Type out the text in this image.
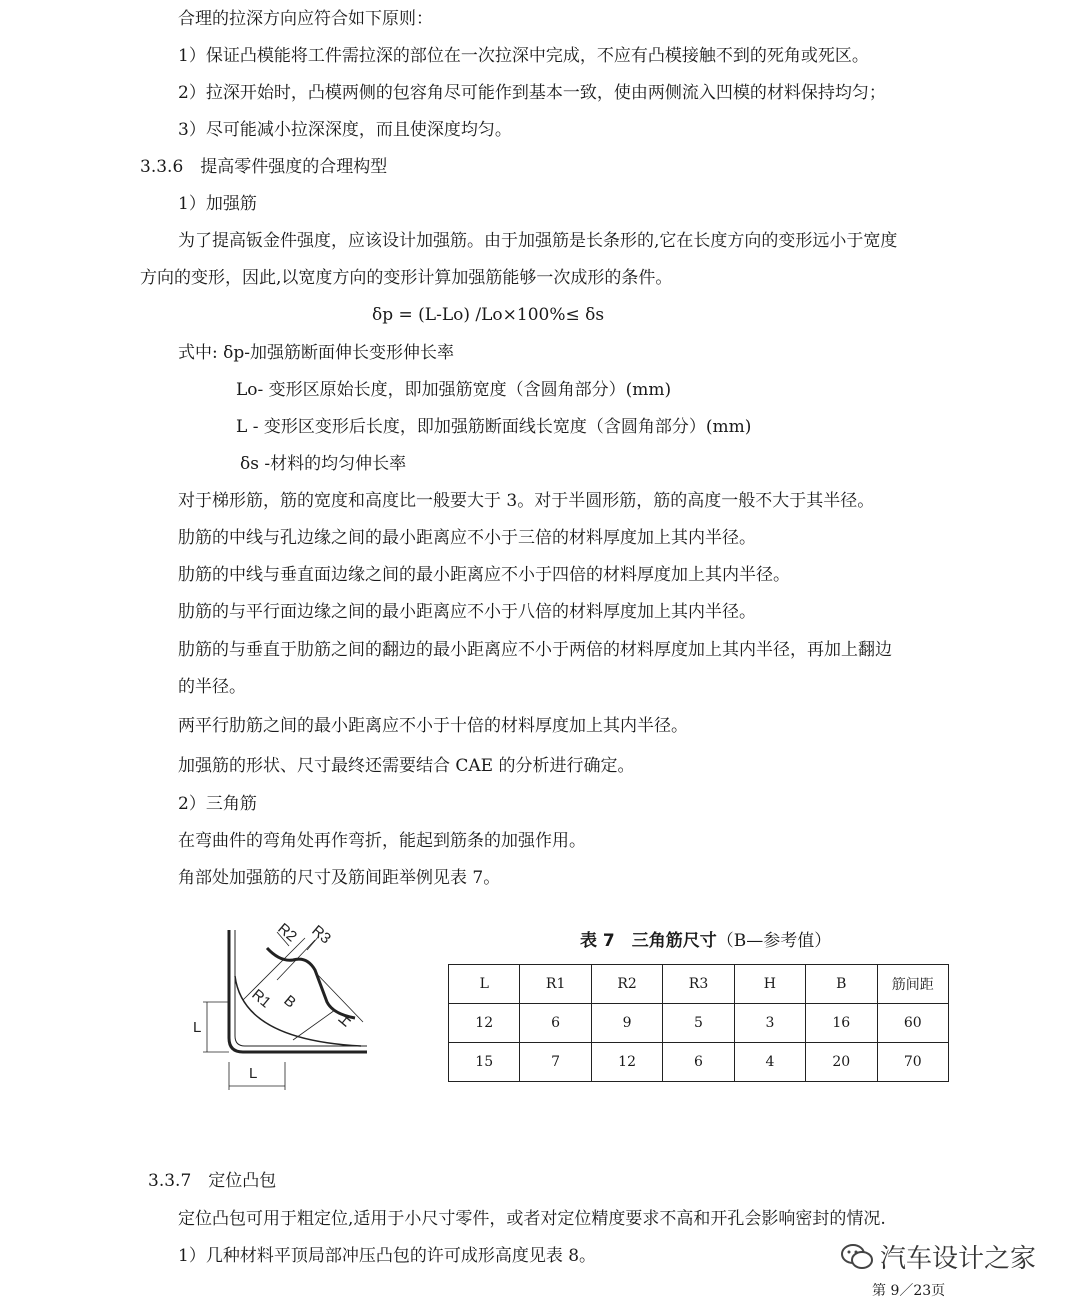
合理的拉深方向应符合如下原则：
1）保证凸模能将工件需拉深的部位在一次拉深中完成，不应有凸模接触不到的死角或死区。
2）拉深开始时，凸模两侧的包容角尽可能作到基本一致，使由两侧流入凹模的材料保持均匀；
3）尽可能减小拉深深度，而且使深度均匀。
3.3.6　提高零件强度的合理构型
1）加强筋
为了提高钣金件强度，应该设计加强筋。由于加强筋是长条形的,它在长度方向的变形远小于宽度
方向的变形，因此,以宽度方向的变形计算加强筋能够一次成形的条件。
δp = (L-Lo) /Lo×100%≤ δs
式中: δp-加强筋断面伸长变形伸长率
Lo- 变形区原始长度，即加强筋宽度（含圆角部分）(mm)
L - 变形区变形后长度，即加强筋断面线长宽度（含圆角部分）(mm)
δs -材料的均匀伸长率
对于梯形筋，筋的宽度和高度比一般要大于 3。对于半圆形筋，筋的高度一般不大于其半径。
肋筋的中线与孔边缘之间的最小距离应不小于三倍的材料厚度加上其内半径。
肋筋的中线与垂直面边缘之间的最小距离应不小于四倍的材料厚度加上其内半径。
肋筋的与平行面边缘之间的最小距离应不小于八倍的材料厚度加上其内半径。
肋筋的与垂直于肋筋之间的翻边的最小距离应不小于两倍的材料厚度加上其内半径，再加上翻边
的半径。
两平行肋筋之间的最小距离应不小于十倍的材料厚度加上其内半径。
加强筋的形状、尺寸最终还需要结合 CAE 的分析进行确定。
2）三角筋
在弯曲件的弯角处再作弯折，能起到筋条的加强作用。
角部处加强筋的尺寸及筋间距举例见表 7。
R2 R3
R1 B
H
L
L
表 7　三角筋尺寸（B—参考值）
L	R1	R2	R3	H	B	筋间距
12	6	9	5	3	16	60
15	7	12	6	4	20	70
3.3.7　定位凸包
定位凸包可用于粗定位,适用于小尺寸零件，或者对定位精度要求不高和开孔会影响密封的情况.
1）几种材料平顶局部冲压凸包的许可成形高度见表 8。	汽车设计之家
第 9／23页
